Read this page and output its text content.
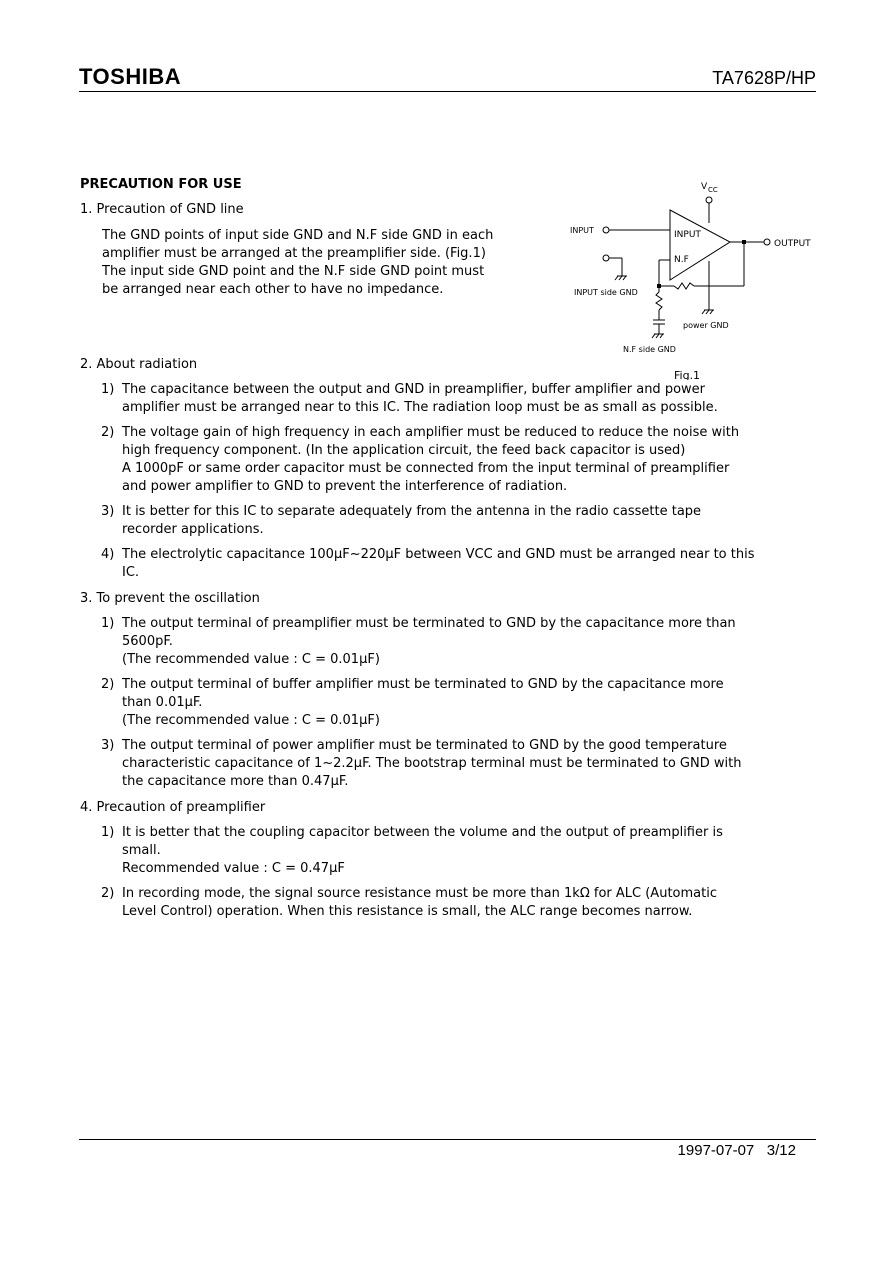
TOSHIBA	TA7628P/HP
PRECAUTION FOR USE
1. Precaution of GND line
The GND points of input side GND and N.F side GND in each
amplifier must be arranged at the preamplifier side. (Fig.1)
The input side GND point and the N.F side GND point must
be arranged near each other to have no impedance.
V CC
INPUT	INPUT
OUTPUT
N.F
INPUT side GND
power GND
N.F side GND
Fig.1
2. About radiation
1) The capacitance between the output and GND in preamplifier, buffer amplifier and power
amplifier must be arranged near to this IC. The radiation loop must be as small as possible.
2) The voltage gain of high frequency in each amplifier must be reduced to reduce the noise with
high frequency component. (In the application circuit, the feed back capacitor is used)
A 1000pF or same order capacitor must be connected from the input terminal of preamplifier
and power amplifier to GND to prevent the interference of radiation.
3) It is better for this IC to separate adequately from the antenna in the radio cassette tape
recorder applications.
4) The electrolytic capacitance 100μF~220μF between VCC and GND must be arranged near to this
IC.
3. To prevent the oscillation
1) The output terminal of preamplifier must be terminated to GND by the capacitance more than
5600pF.
(The recommended value : C = 0.01μF)
2) The output terminal of buffer amplifier must be terminated to GND by the capacitance more
than 0.01μF.
(The recommended value : C = 0.01μF)
3) The output terminal of power amplifier must be terminated to GND by the good temperature
characteristic capacitance of 1~2.2μF. The bootstrap terminal must be terminated to GND with
the capacitance more than 0.47μF.
4. Precaution of preamplifier
1) It is better that the coupling capacitor between the volume and the output of preamplifier is
small.
Recommended value : C = 0.47μF
2) In recording mode, the signal source resistance must be more than 1kΩ for ALC (Automatic
Level Control) operation. When this resistance is small, the ALC range becomes narrow.
1997-07-07 3/12
